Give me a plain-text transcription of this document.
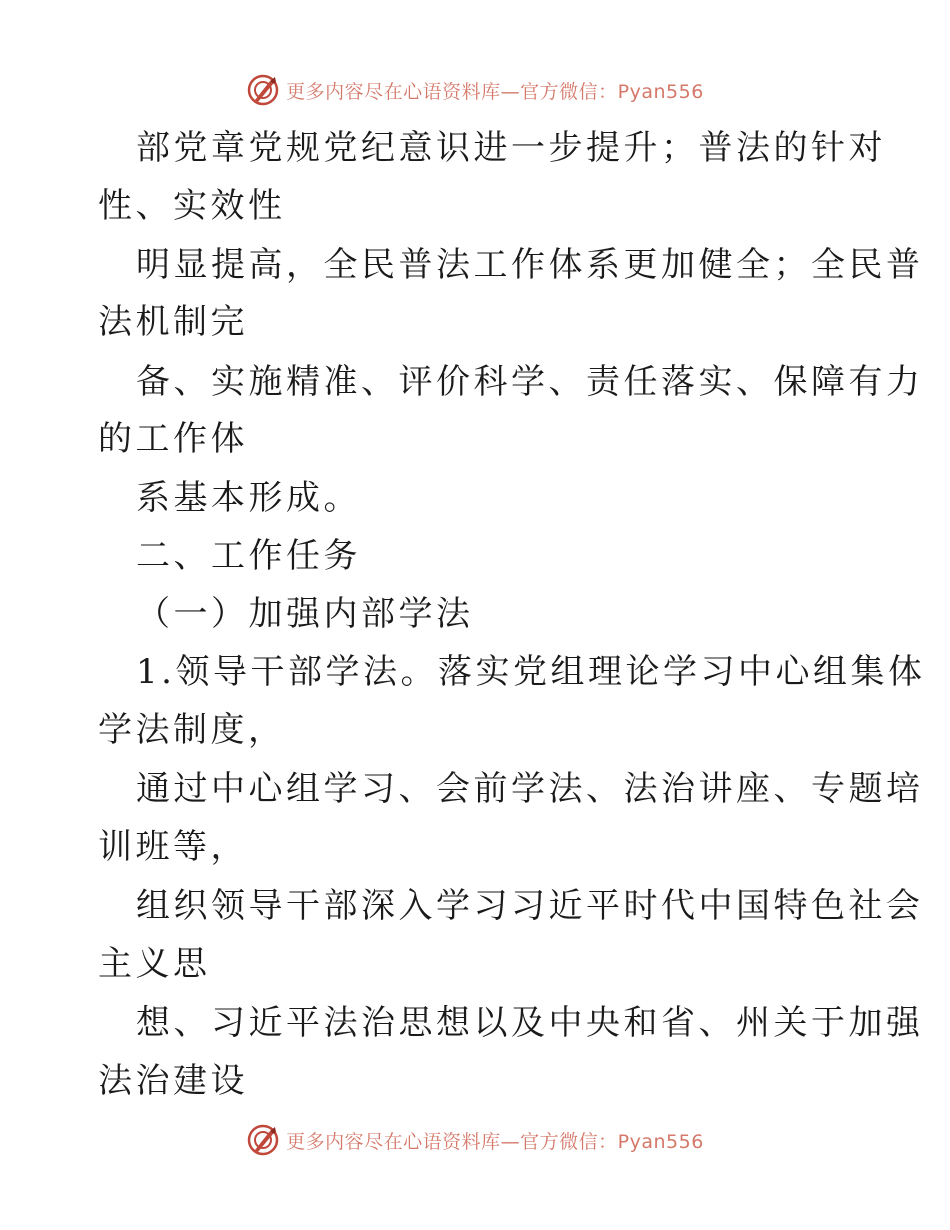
更多内容尽在心语资料库—官方微信：Pyan556
部党章党规党纪意识进一步提升；普法的针对
性、实效性
明显提高，全民普法工作体系更加健全；全民普
法机制完
备、实施精准、评价科学、责任落实、保障有力
的工作体
系基本形成。
二、工作任务
（一）加强内部学法
1.领导干部学法。落实党组理论学习中心组集体
学法制度，
通过中心组学习、会前学法、法治讲座、专题培
训班等，
组织领导干部深入学习习近平时代中国特色社会
主义思
想、习近平法治思想以及中央和省、州关于加强
法治建设
更多内容尽在心语资料库—官方微信：Pyan556
